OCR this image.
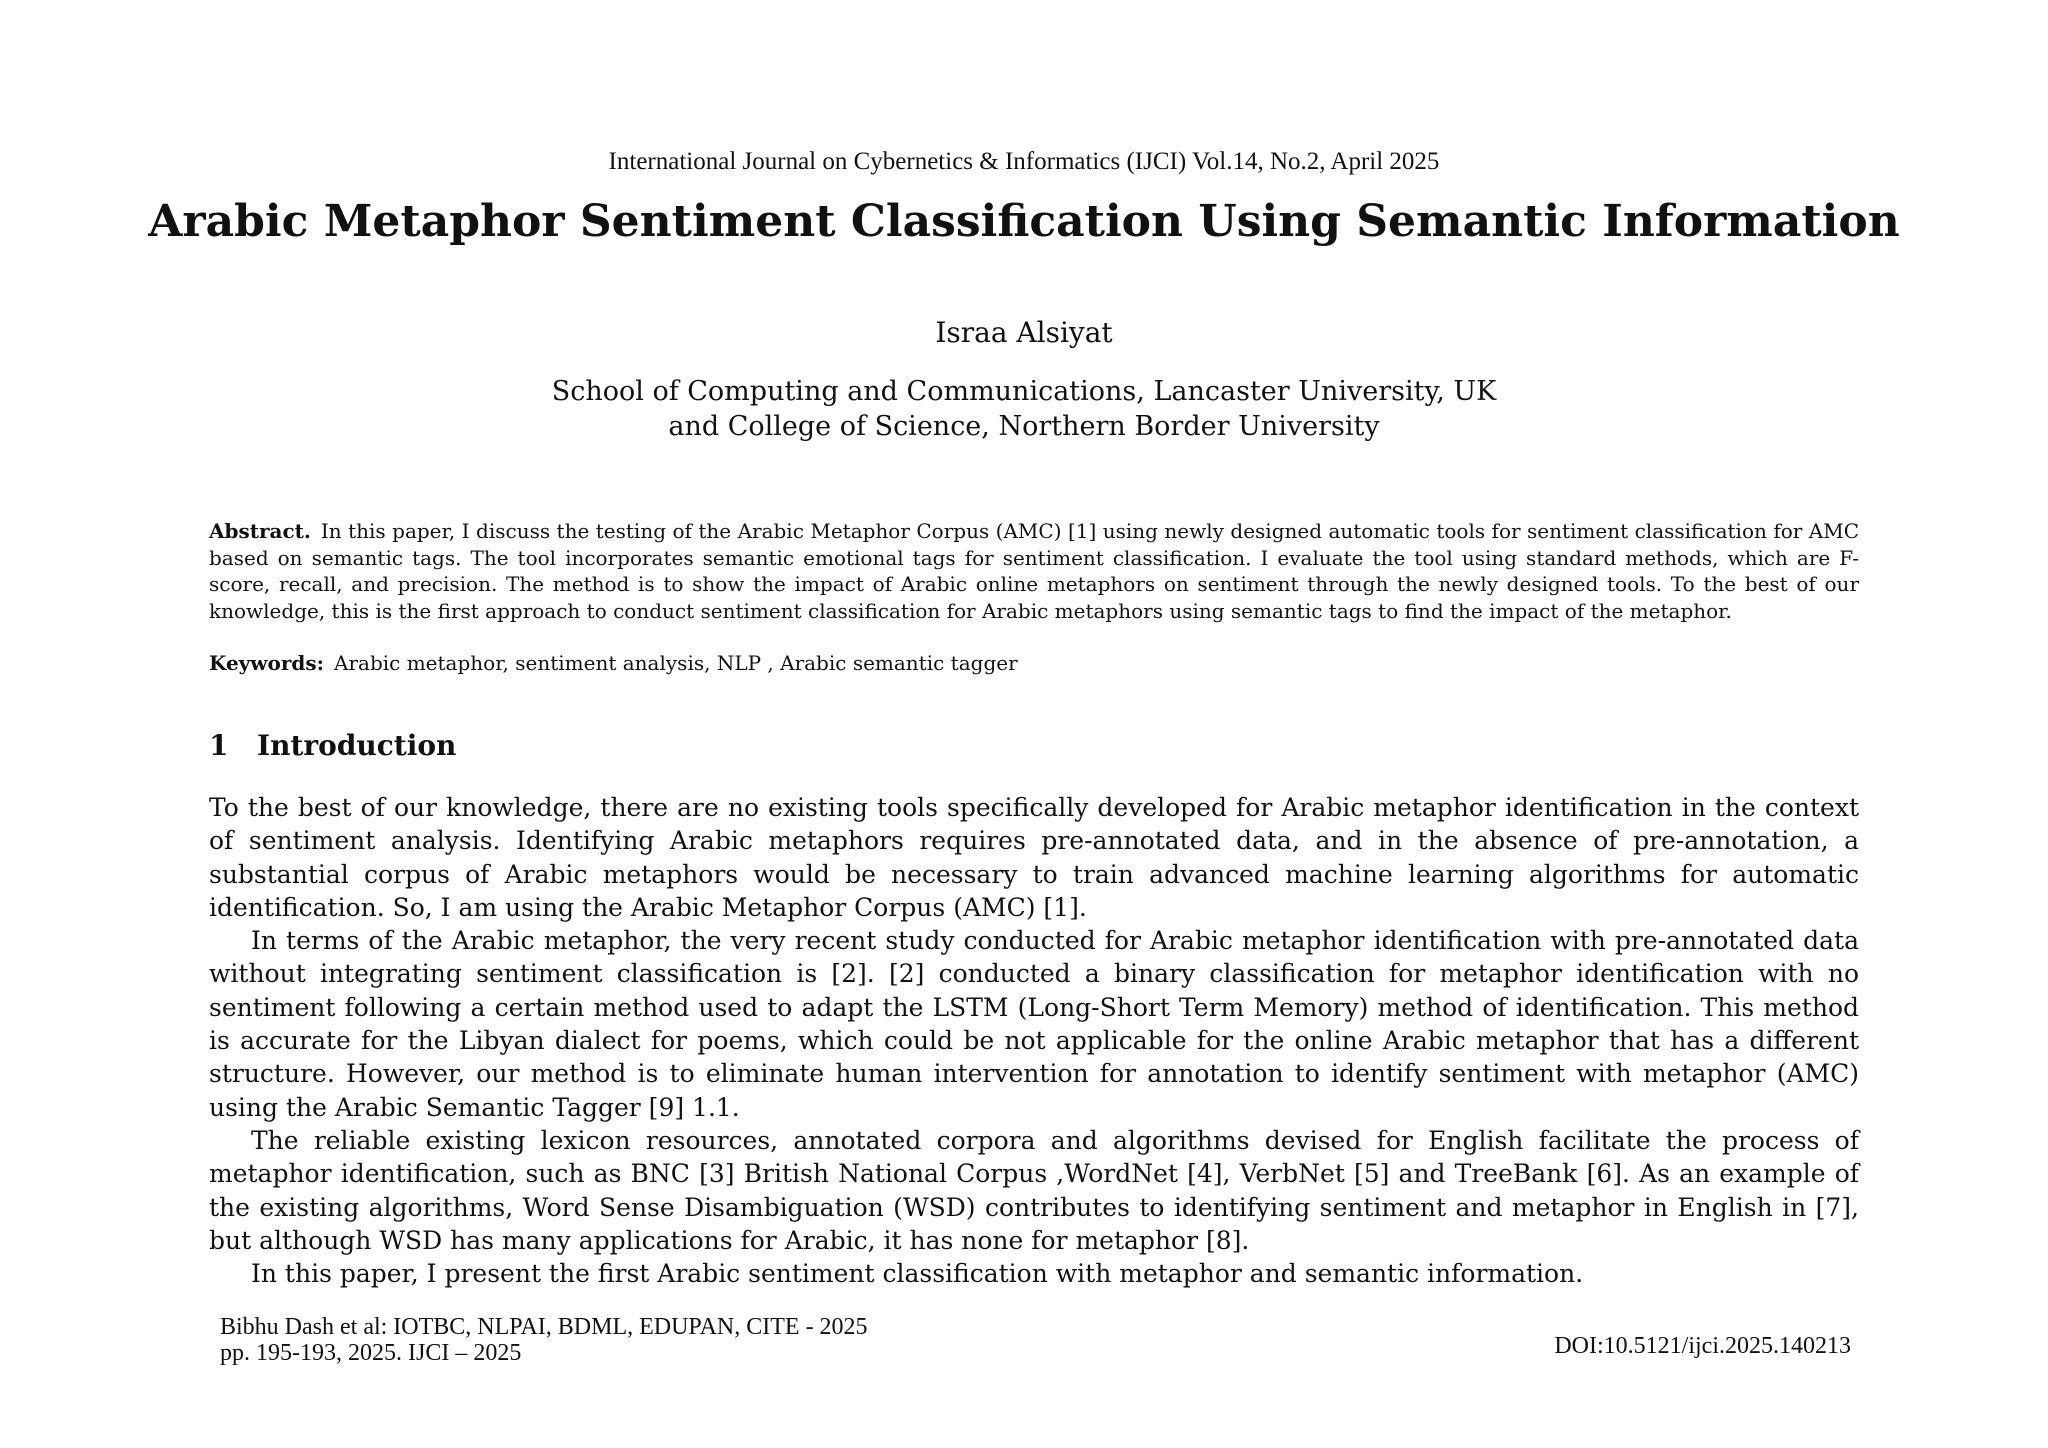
International Journal on Cybernetics & Informatics (IJCI) Vol.14, No.2, April 2025
Arabic Metaphor Sentiment Classification Using Semantic Information
Israa Alsiyat
School of Computing and Communications, Lancaster University, UK
and College of Science, Northern Border University
Abstract. In this paper, I discuss the testing of the Arabic Metaphor Corpus (AMC) [1] using newly designed automatic tools for sentiment classification for AMC based on semantic tags. The tool incorporates semantic emotional tags for sentiment classification. I evaluate the tool using standard methods, which are F-score, recall, and precision. The method is to show the impact of Arabic online metaphors on sentiment through the newly designed tools. To the best of our knowledge, this is the first approach to conduct sentiment classification for Arabic metaphors using semantic tags to find the impact of the metaphor.
Keywords: Arabic metaphor, sentiment analysis, NLP , Arabic semantic tagger
1 Introduction

To the best of our knowledge, there are no existing tools specifically developed for Arabic metaphor identification in the context of sentiment analysis. Identifying Arabic metaphors requires pre-annotated data, and in the absence of pre-annotation, a substantial corpus of Arabic metaphors would be necessary to train advanced machine learning algorithms for automatic identification. So, I am using the Arabic Metaphor Corpus (AMC) [1].

In terms of the Arabic metaphor, the very recent study conducted for Arabic metaphor identification with pre-annotated data without integrating sentiment classification is [2]. [2] conducted a binary classification for metaphor identification with no sentiment following a certain method used to adapt the LSTM (Long-Short Term Memory) method of identification. This method is accurate for the Libyan dialect for poems, which could be not applicable for the online Arabic metaphor that has a different structure. However, our method is to eliminate human intervention for annotation to identify sentiment with metaphor (AMC) using the Arabic Semantic Tagger [9] 1.1.

The reliable existing lexicon resources, annotated corpora and algorithms devised for English facilitate the process of metaphor identification, such as BNC [3] British National Corpus ,WordNet [4], VerbNet [5] and TreeBank [6]. As an example of the existing algorithms, Word Sense Disambiguation (WSD) contributes to identifying sentiment and metaphor in English in [7], but although WSD has many applications for Arabic, it has none for metaphor [8].

In this paper, I present the first Arabic sentiment classification with metaphor and semantic information.

Bibhu Dash et al: IOTBC, NLPAI, BDML, EDUPAN, CITE - 2025
pp. 195-193, 2025. IJCI – 2025	DOI:10.5121/ijci.2025.140213
